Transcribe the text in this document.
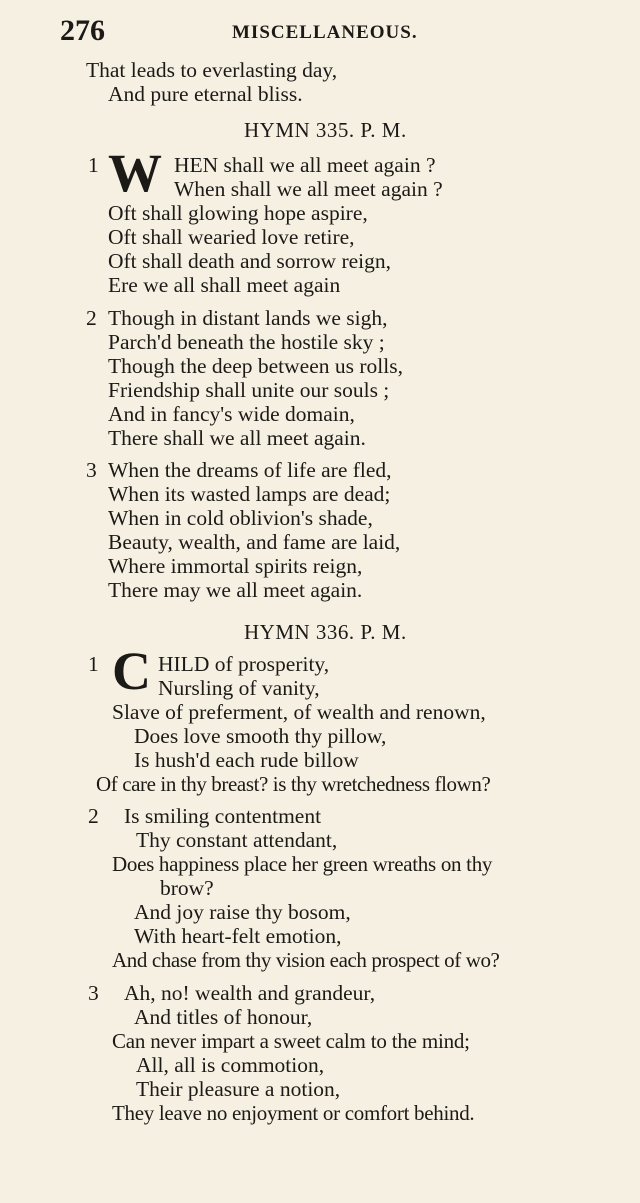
276	MISCELLANEOUS.
That leads to everlasting day,
And pure eternal bliss.
HYMN 335. P. M.
1 W HEN shall we all meet again ?
When shall we all meet again ?
Oft shall glowing hope aspire,
Oft shall wearied love retire,
Oft shall death and sorrow reign,
Ere we all shall meet again
2 Though in distant lands we sigh,
Parch'd beneath the hostile sky ;
Though the deep between us rolls,
Friendship shall unite our souls ;
And in fancy's wide domain,
There shall we all meet again.
3 When the dreams of life are fled,
When its wasted lamps are dead;
When in cold oblivion's shade,
Beauty, wealth, and fame are laid,
Where immortal spirits reign,
There may we all meet again.
HYMN 336. P. M.
1 C HILD of prosperity,
Nursling of vanity,
Slave of preferment, of wealth and renown,
Does love smooth thy pillow,
Is hush'd each rude billow
Of care in thy breast? is thy wretchedness flown?
2 Is smiling contentment
Thy constant attendant,
Does happiness place her green wreaths on thy
brow?
And joy raise thy bosom,
With heart-felt emotion,
And chase from thy vision each prospect of wo?
3 Ah, no! wealth and grandeur,
And titles of honour,
Can never impart a sweet calm to the mind;
All, all is commotion,
Their pleasure a notion,
They leave no enjoyment or comfort behind.
